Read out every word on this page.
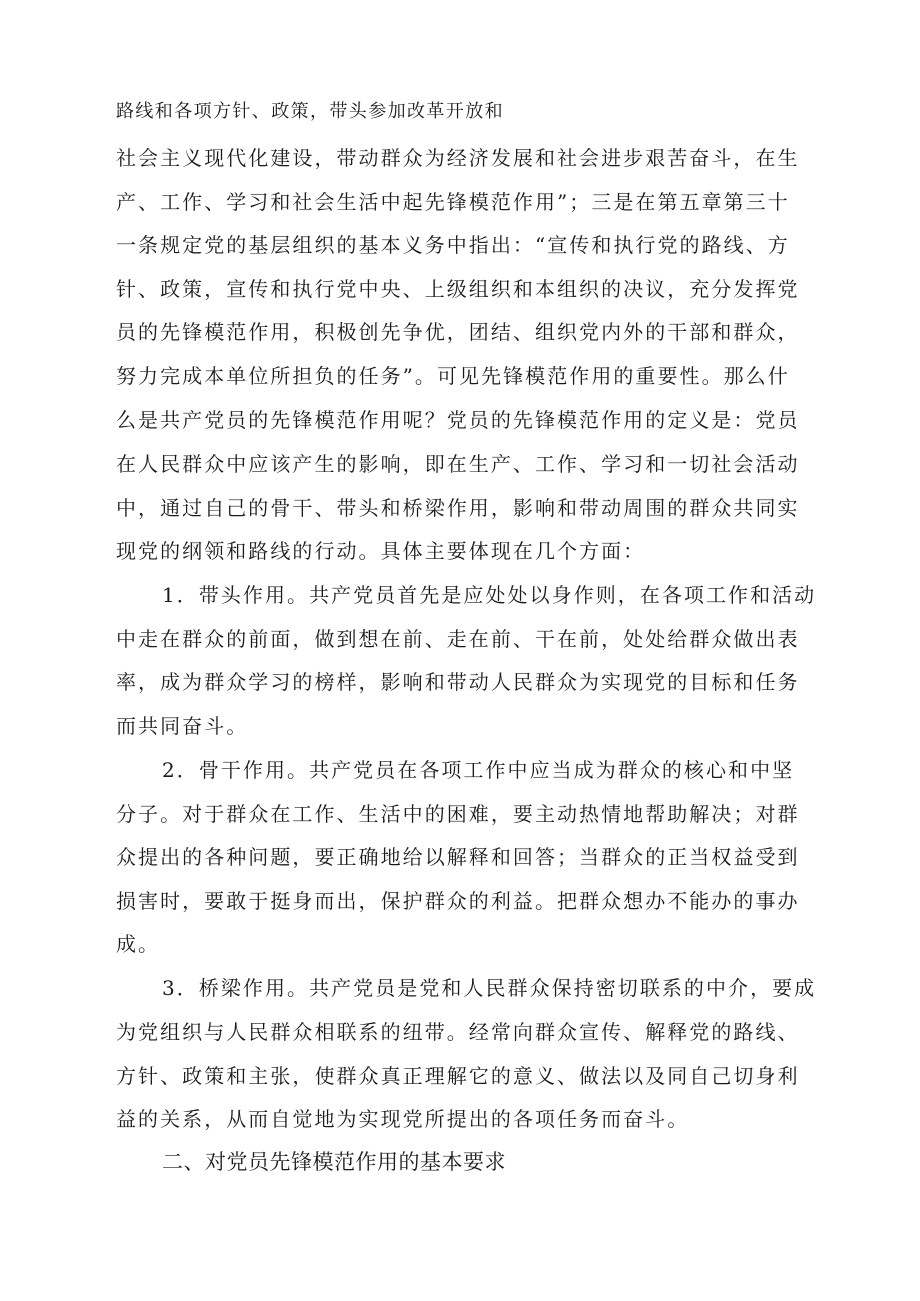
路线和各项方针、政策，带头参加改革开放和
社会主义现代化建设，带动群众为经济发展和社会进步艰苦奋斗，在生
产、工作、学习和社会生活中起先锋模范作用”；三是在第五章第三十
一条规定党的基层组织的基本义务中指出：“宣传和执行党的路线、方
针、政策，宣传和执行党中央、上级组织和本组织的决议，充分发挥党
员的先锋模范作用，积极创先争优，团结、组织党内外的干部和群众，
努力完成本单位所担负的任务”。可见先锋模范作用的重要性。那么什
么是共产党员的先锋模范作用呢？党员的先锋模范作用的定义是：党员
在人民群众中应该产生的影响，即在生产、工作、学习和一切社会活动
中，通过自己的骨干、带头和桥梁作用，影响和带动周围的群众共同实
现党的纲领和路线的行动。具体主要体现在几个方面：
1．带头作用。共产党员首先是应处处以身作则，在各项工作和活动
中走在群众的前面，做到想在前、走在前、干在前，处处给群众做出表
率，成为群众学习的榜样，影响和带动人民群众为实现党的目标和任务
而共同奋斗。
2．骨干作用。共产党员在各项工作中应当成为群众的核心和中坚
分子。对于群众在工作、生活中的困难，要主动热情地帮助解决；对群
众提出的各种问题，要正确地给以解释和回答；当群众的正当权益受到
损害时，要敢于挺身而出，保护群众的利益。把群众想办不能办的事办
成。
3．桥梁作用。共产党员是党和人民群众保持密切联系的中介，要成
为党组织与人民群众相联系的纽带。经常向群众宣传、解释党的路线、
方针、政策和主张，使群众真正理解它的意义、做法以及同自己切身利
益的关系，从而自觉地为实现党所提出的各项任务而奋斗。
二、对党员先锋模范作用的基本要求
